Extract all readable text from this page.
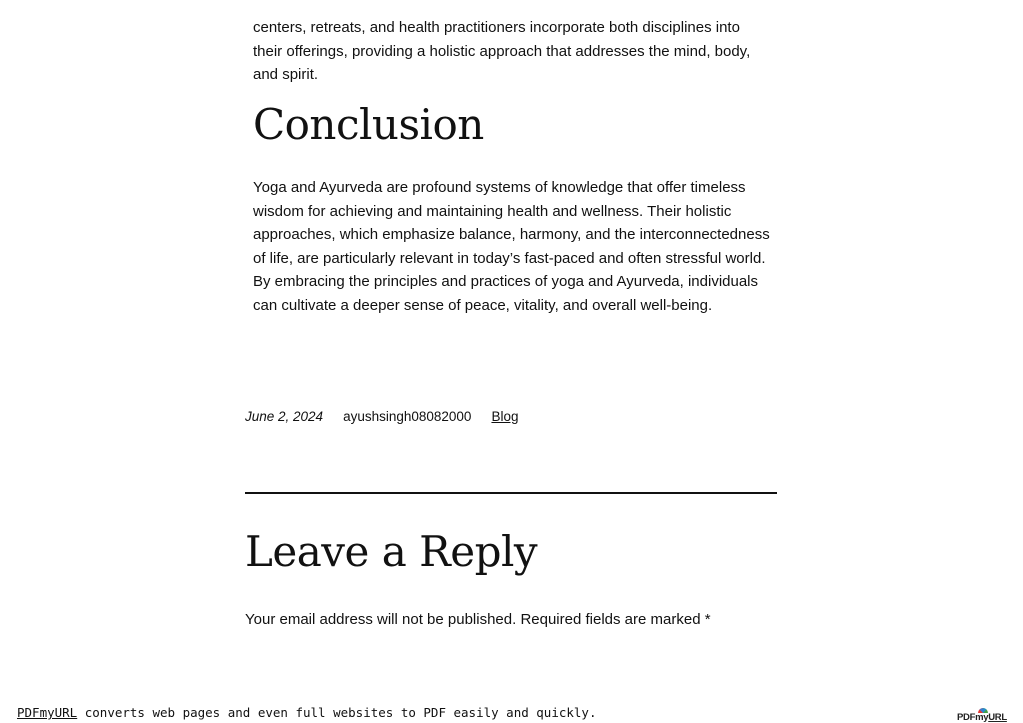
centers, retreats, and health practitioners incorporate both disciplines into their offerings, providing a holistic approach that addresses the mind, body, and spirit.

Conclusion

Yoga and Ayurveda are profound systems of knowledge that offer timeless wisdom for achieving and maintaining health and wellness. Their holistic approaches, which emphasize balance, harmony, and the interconnectedness of life, are particularly relevant in today’s fast-paced and often stressful world. By embracing the principles and practices of yoga and Ayurveda, individuals can cultivate a deeper sense of peace, vitality, and overall well-being.

June 2, 2024 ayushsingh08082000 Blog
Leave a Reply

Your email address will not be published. Required fields are marked *

PDFmyURL converts web pages and even full websites to PDF easily and quickly.	PDFmyURL
